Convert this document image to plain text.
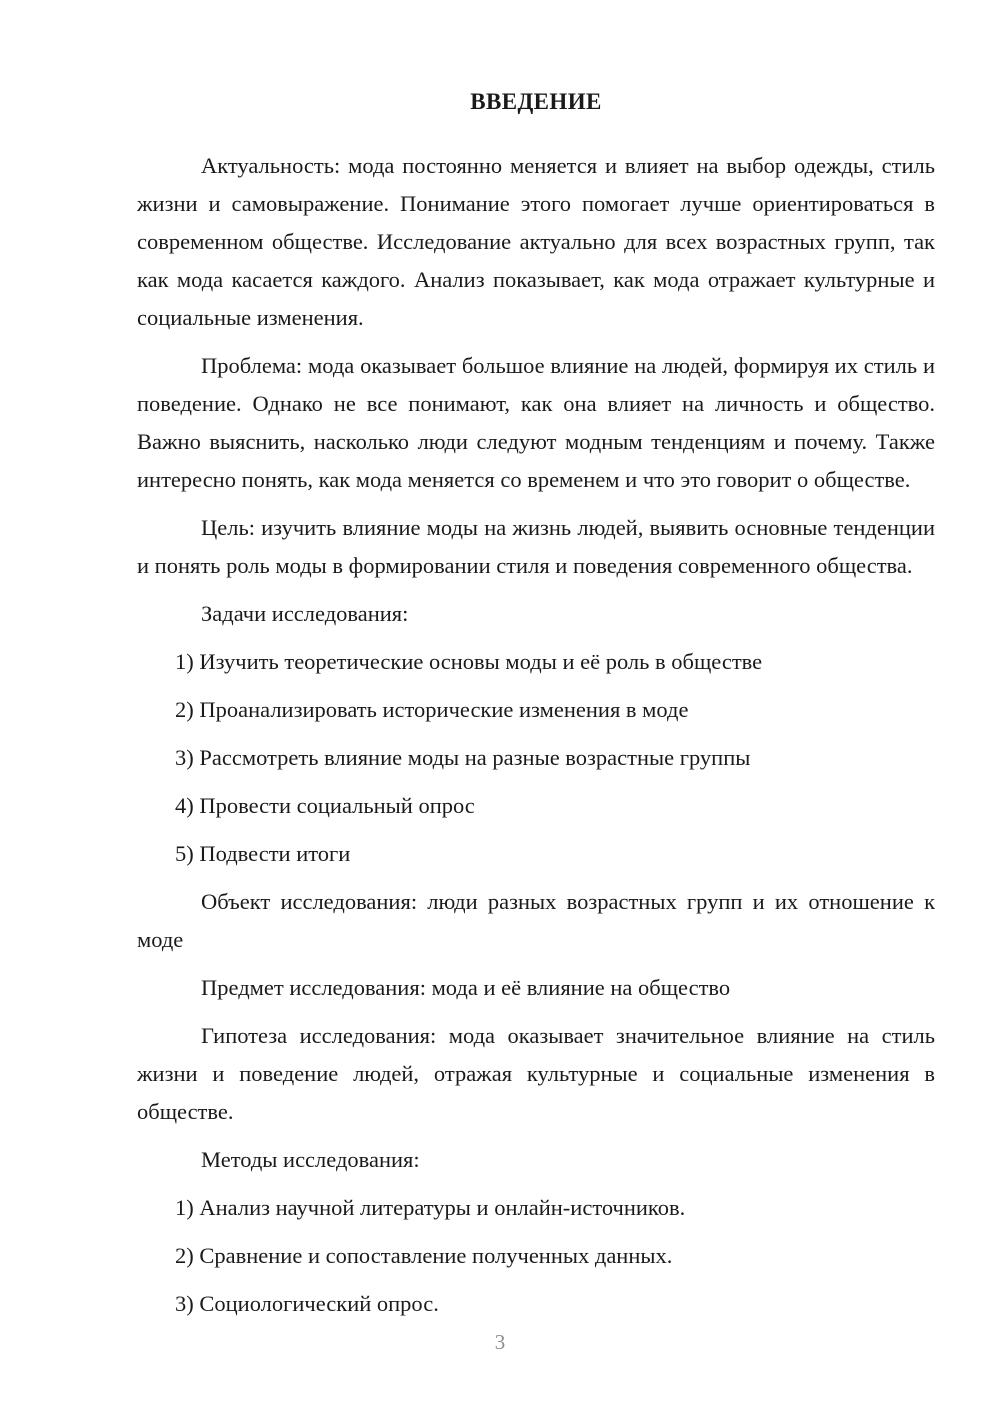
ВВЕДЕНИЕ

Актуальность: мода постоянно меняется и влияет на выбор одежды, стиль жизни и самовыражение. Понимание этого помогает лучше ориентироваться в современном обществе. Исследование актуально для всех возрастных групп, так как мода касается каждого. Анализ показывает, как мода отражает культурные и социальные изменения.

Проблема: мода оказывает большое влияние на людей, формируя их стиль и поведение. Однако не все понимают, как она влияет на личность и общество. Важно выяснить, насколько люди следуют модным тенденциям и почему. Также интересно понять, как мода меняется со временем и что это говорит о обществе.

Цель: изучить влияние моды на жизнь людей, выявить основные тенденции и понять роль моды в формировании стиля и поведения современного общества.

Задачи исследования:

1) Изучить теоретические основы моды и её роль в обществе

2) Проанализировать исторические изменения в моде

3) Рассмотреть влияние моды на разные возрастные группы

4) Провести социальный опрос

5) Подвести итоги

Объект исследования: люди разных возрастных групп и их отношение к моде

Предмет исследования: мода и её влияние на общество

Гипотеза исследования: мода оказывает значительное влияние на стиль жизни и поведение людей, отражая культурные и социальные изменения в обществе.

Методы исследования:

1) Анализ научной литературы и онлайн-источников.

2) Сравнение и сопоставление полученных данных.

3) Социологический опрос.

3
